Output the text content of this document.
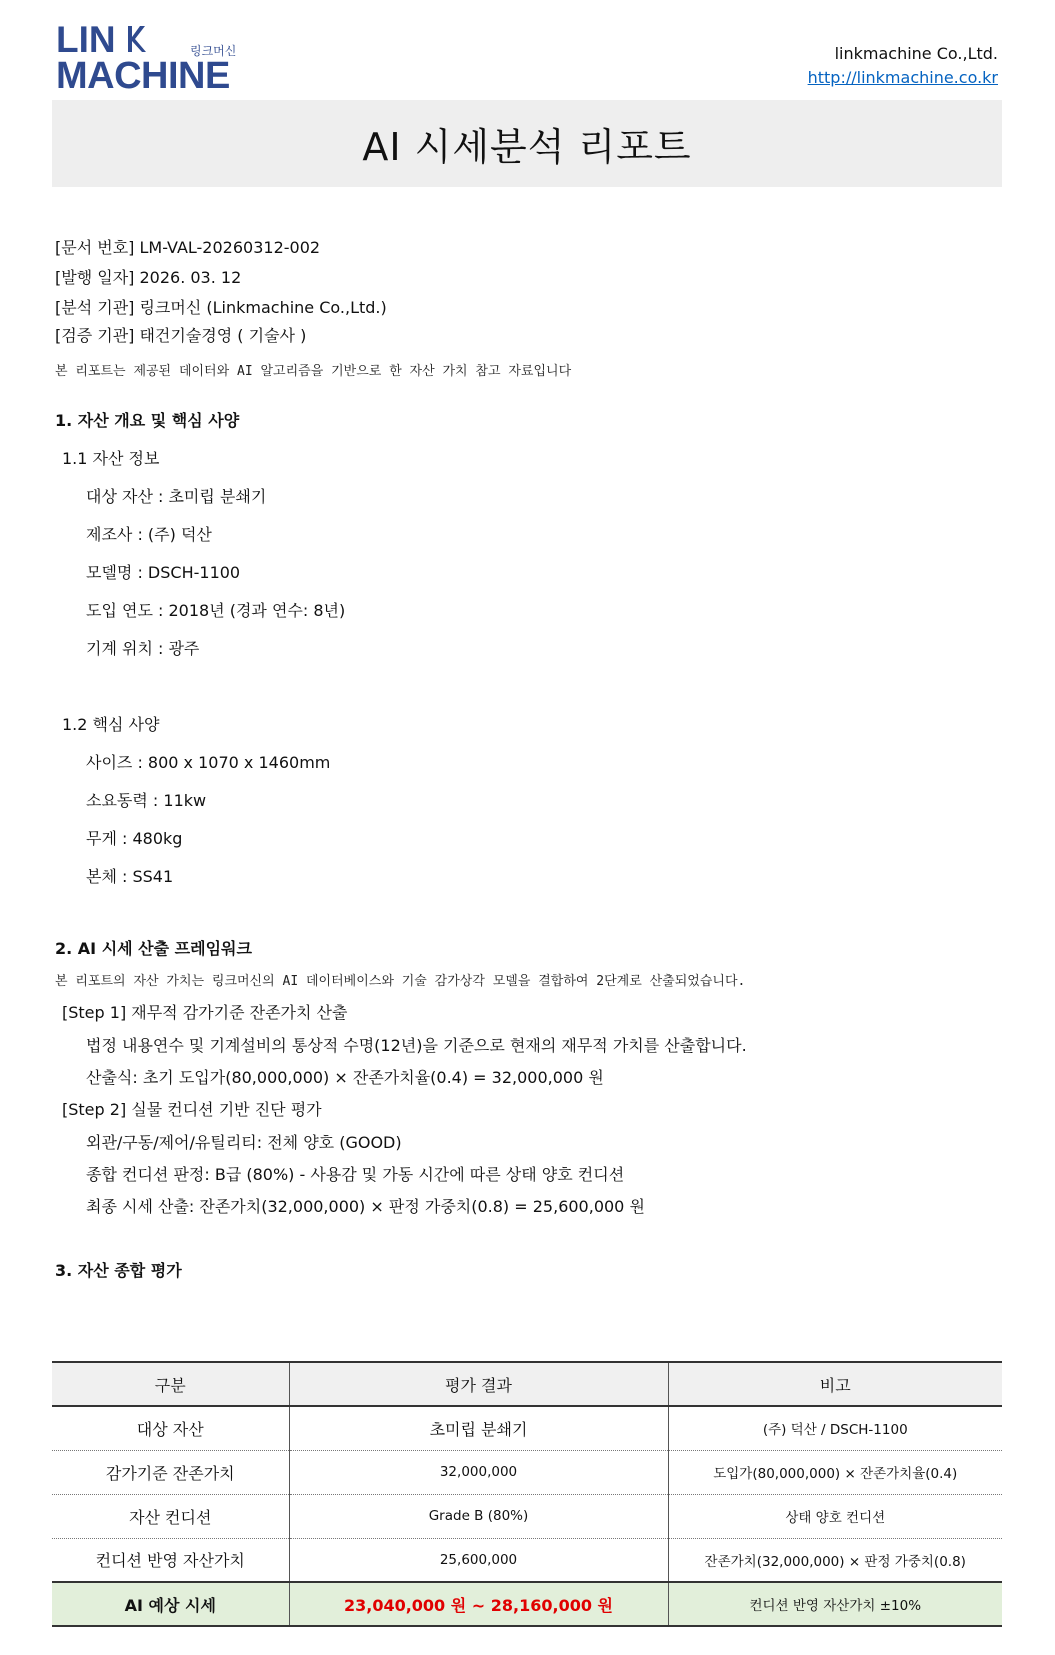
LIN	링크머신
MACHINE
linkmachine Co.,Ltd.
http://linkmachine.co.kr
AI 시세분석 리포트
[문서 번호] LM-VAL-20260312-002
[발행 일자] 2026. 03. 12
[분석 기관] 링크머신 (Linkmachine Co.,Ltd.)
[검증 기관] 태건기술경영 ( 기술사 )
본 리포트는 제공된 데이터와 AI 알고리즘을 기반으로 한 자산 가치 참고 자료입니다
1. 자산 개요 및 핵심 사양
1.1 자산 정보
대상 자산 : 초미립 분쇄기
제조사 : (주) 덕산
모델명 : DSCH-1100
도입 연도 : 2018년 (경과 연수: 8년)
기계 위치 : 광주
1.2 핵심 사양
사이즈 : 800 x 1070 x 1460mm
소요동력 : 11kw
무게 : 480kg
본체 : SS41
2. AI 시세 산출 프레임워크
본 리포트의 자산 가치는 링크머신의 AI 데이터베이스와 기술 감가상각 모델을 결합하여 2단계로 산출되었습니다.
[Step 1] 재무적 감가기준 잔존가치 산출
법정 내용연수 및 기계설비의 통상적 수명(12년)을 기준으로 현재의 재무적 가치를 산출합니다.
산출식: 초기 도입가(80,000,000) × 잔존가치율(0.4) = 32,000,000 원
[Step 2] 실물 컨디션 기반 진단 평가
외관/구동/제어/유틸리티: 전체 양호 (GOOD)
종합 컨디션 판정: B급 (80%) - 사용감 및 가동 시간에 따른 상태 양호 컨디션
최종 시세 산출: 잔존가치(32,000,000) × 판정 가중치(0.8) = 25,600,000 원
3. 자산 종합 평가
구분	평가 결과	비고
대상 자산	초미립 분쇄기	(주) 덕산 / DSCH-1100
감가기준 잔존가치	32,000,000	도입가(80,000,000) × 잔존가치율(0.4)
자산 컨디션	Grade B (80%)	상태 양호 컨디션
컨디션 반영 자산가치	25,600,000	잔존가치(32,000,000) × 판정 가중치(0.8)
AI 예상 시세	23,040,000 원 ~ 28,160,000 원	컨디션 반영 자산가치 ±10%
